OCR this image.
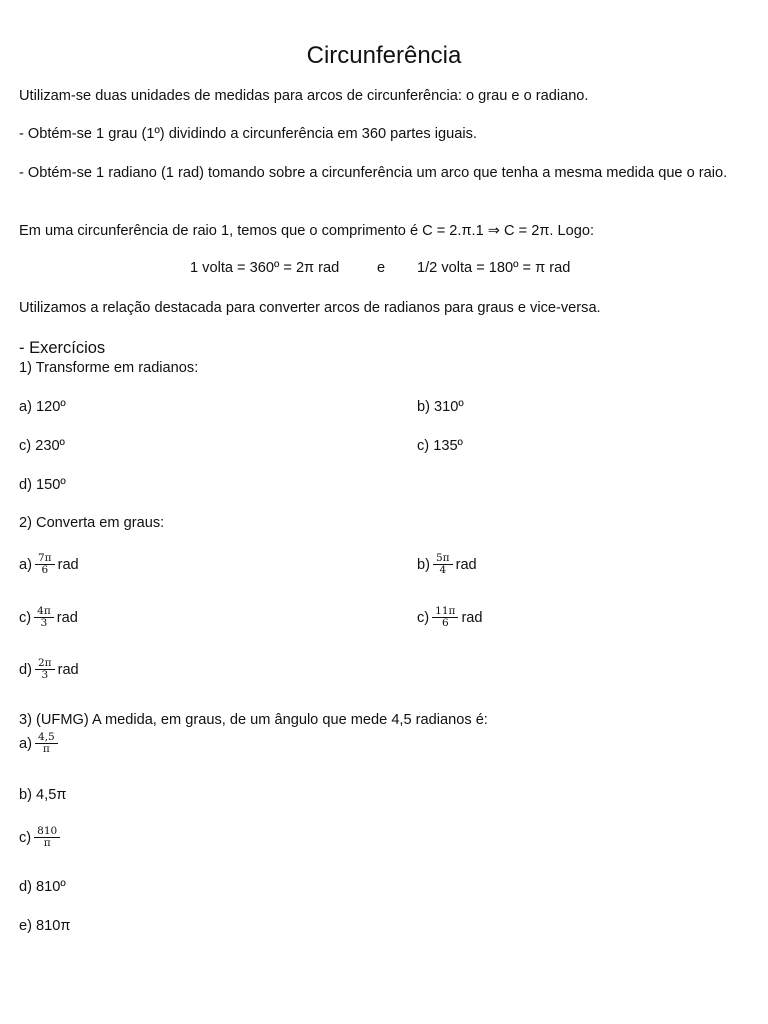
Circunferência
Utilizam-se duas unidades de medidas para arcos de circunferência: o grau e o radiano.
- Obtém-se 1 grau (1º) dividindo a circunferência em 360 partes iguais.
- Obtém-se 1 radiano (1 rad) tomando sobre a circunferência um arco que tenha a mesma medida que o raio.
Em uma circunferência de raio 1, temos que o comprimento é C = 2.π.1 ⇒ C = 2π. Logo:
1 volta = 360º = 2π rad	e 1/2 volta = 180º = π rad
Utilizamos a relação destacada para converter arcos de radianos para graus e vice-versa.
- Exercícios
1) Transforme em radianos:
a) 120º	b) 310º
c) 230º	c) 135º
d) 150º
2) Converta em graus:
$a) \frac{7\pi}{6}$ rad	$b) \frac{5\pi}{4}$ rad
$c) \frac{4\pi}{3}$ rad	$c) \frac{11\pi}{6}$ rad
$d) \frac{2\pi}{3}$ rad
3) (UFMG) A medida, em graus, de um ângulo que mede 4,5 radianos é:
$a) \frac{4,5}{\pi}$
b) 4,5π
$c) \frac{810}{\pi}$
d) 810º
e) 810π
